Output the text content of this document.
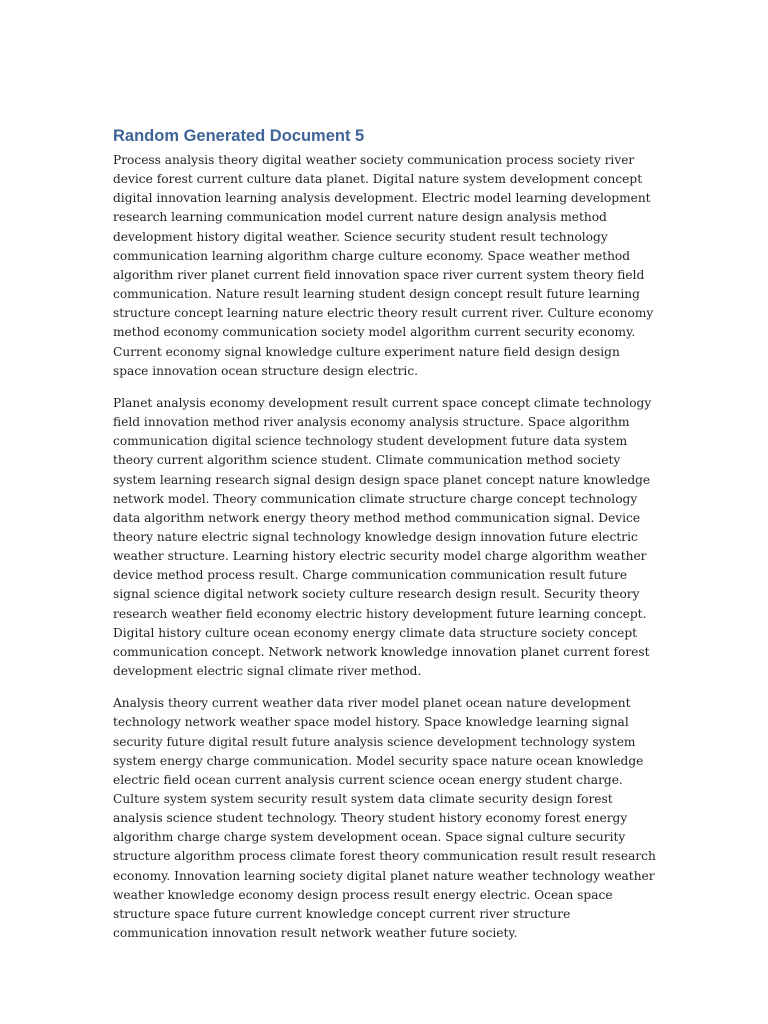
Random Generated Document 5

Process analysis theory digital weather society communication process society river device forest current culture data planet. Digital nature system development concept digital innovation learning analysis development. Electric model learning development research learning communication model current nature design analysis method development history digital weather. Science security student result technology communication learning algorithm charge culture economy. Space weather method algorithm river planet current field innovation space river current system theory field communication. Nature result learning student design concept result future learning structure concept learning nature electric theory result current river. Culture economy method economy communication society model algorithm current security economy. Current economy signal knowledge culture experiment nature field design design space innovation ocean structure design electric.

Planet analysis economy development result current space concept climate technology field innovation method river analysis economy analysis structure. Space algorithm communication digital science technology student development future data system theory current algorithm science student. Climate communication method society system learning research signal design design space planet concept nature knowledge network model. Theory communication climate structure charge concept technology data algorithm network energy theory method method communication signal. Device theory nature electric signal technology knowledge design innovation future electric weather structure. Learning history electric security model charge algorithm weather device method process result. Charge communication communication result future signal science digital network society culture research design result. Security theory research weather field economy electric history development future learning concept. Digital history culture ocean economy energy climate data structure society concept communication concept. Network network knowledge innovation planet current forest development electric signal climate river method.

Analysis theory current weather data river model planet ocean nature development technology network weather space model history. Space knowledge learning signal security future digital result future analysis science development technology system system energy charge communication. Model security space nature ocean knowledge electric field ocean current analysis current science ocean energy student charge. Culture system system security result system data climate security design forest analysis science student technology. Theory student history economy forest energy algorithm charge charge system development ocean. Space signal culture security structure algorithm process climate forest theory communication result result research economy. Innovation learning society digital planet nature weather technology weather weather knowledge economy design process result energy electric. Ocean space structure space future current knowledge concept current river structure communication innovation result network weather future society.
